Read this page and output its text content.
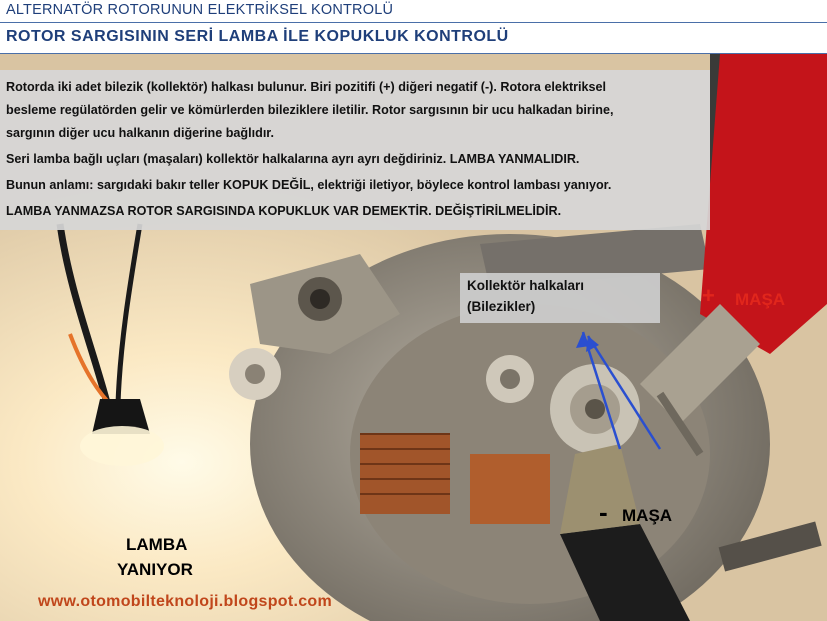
ALTERNATÖR ROTORUNUN ELEKTRİKSEL KONTROLÜ
ROTOR SARGISININ SERİ LAMBA İLE KOPUKLUK KONTROLÜ

Rotorda iki adet bilezik (kollektör) halkası bulunur. Biri pozitifi (+) diğeri negatif (-). Rotora elektriksel

besleme regülatörden gelir ve kömürlerden bileziklere iletilir. Rotor sargısının bir ucu halkadan birine,

sargının diğer ucu halkanın diğerine bağlıdır.

Seri lamba bağlı uçları (maşaları) kollektör halkalarına ayrı ayrı değdiriniz. LAMBA YANMALIDIR.

Bunun anlamı: sargıdaki bakır teller KOPUK DEĞİL, elektriği iletiyor, böylece kontrol lambası yanıyor.

LAMBA YANMAZSA ROTOR SARGISINDA KOPUKLUK VAR DEMEKTİR. DEĞİŞTİRİLMELİDİR.

Kollektör halkaları
(Bilezikler)	+ MAŞA
- MAŞA
LAMBA
YANIYOR
www.otomobilteknoloji.blogspot.com
